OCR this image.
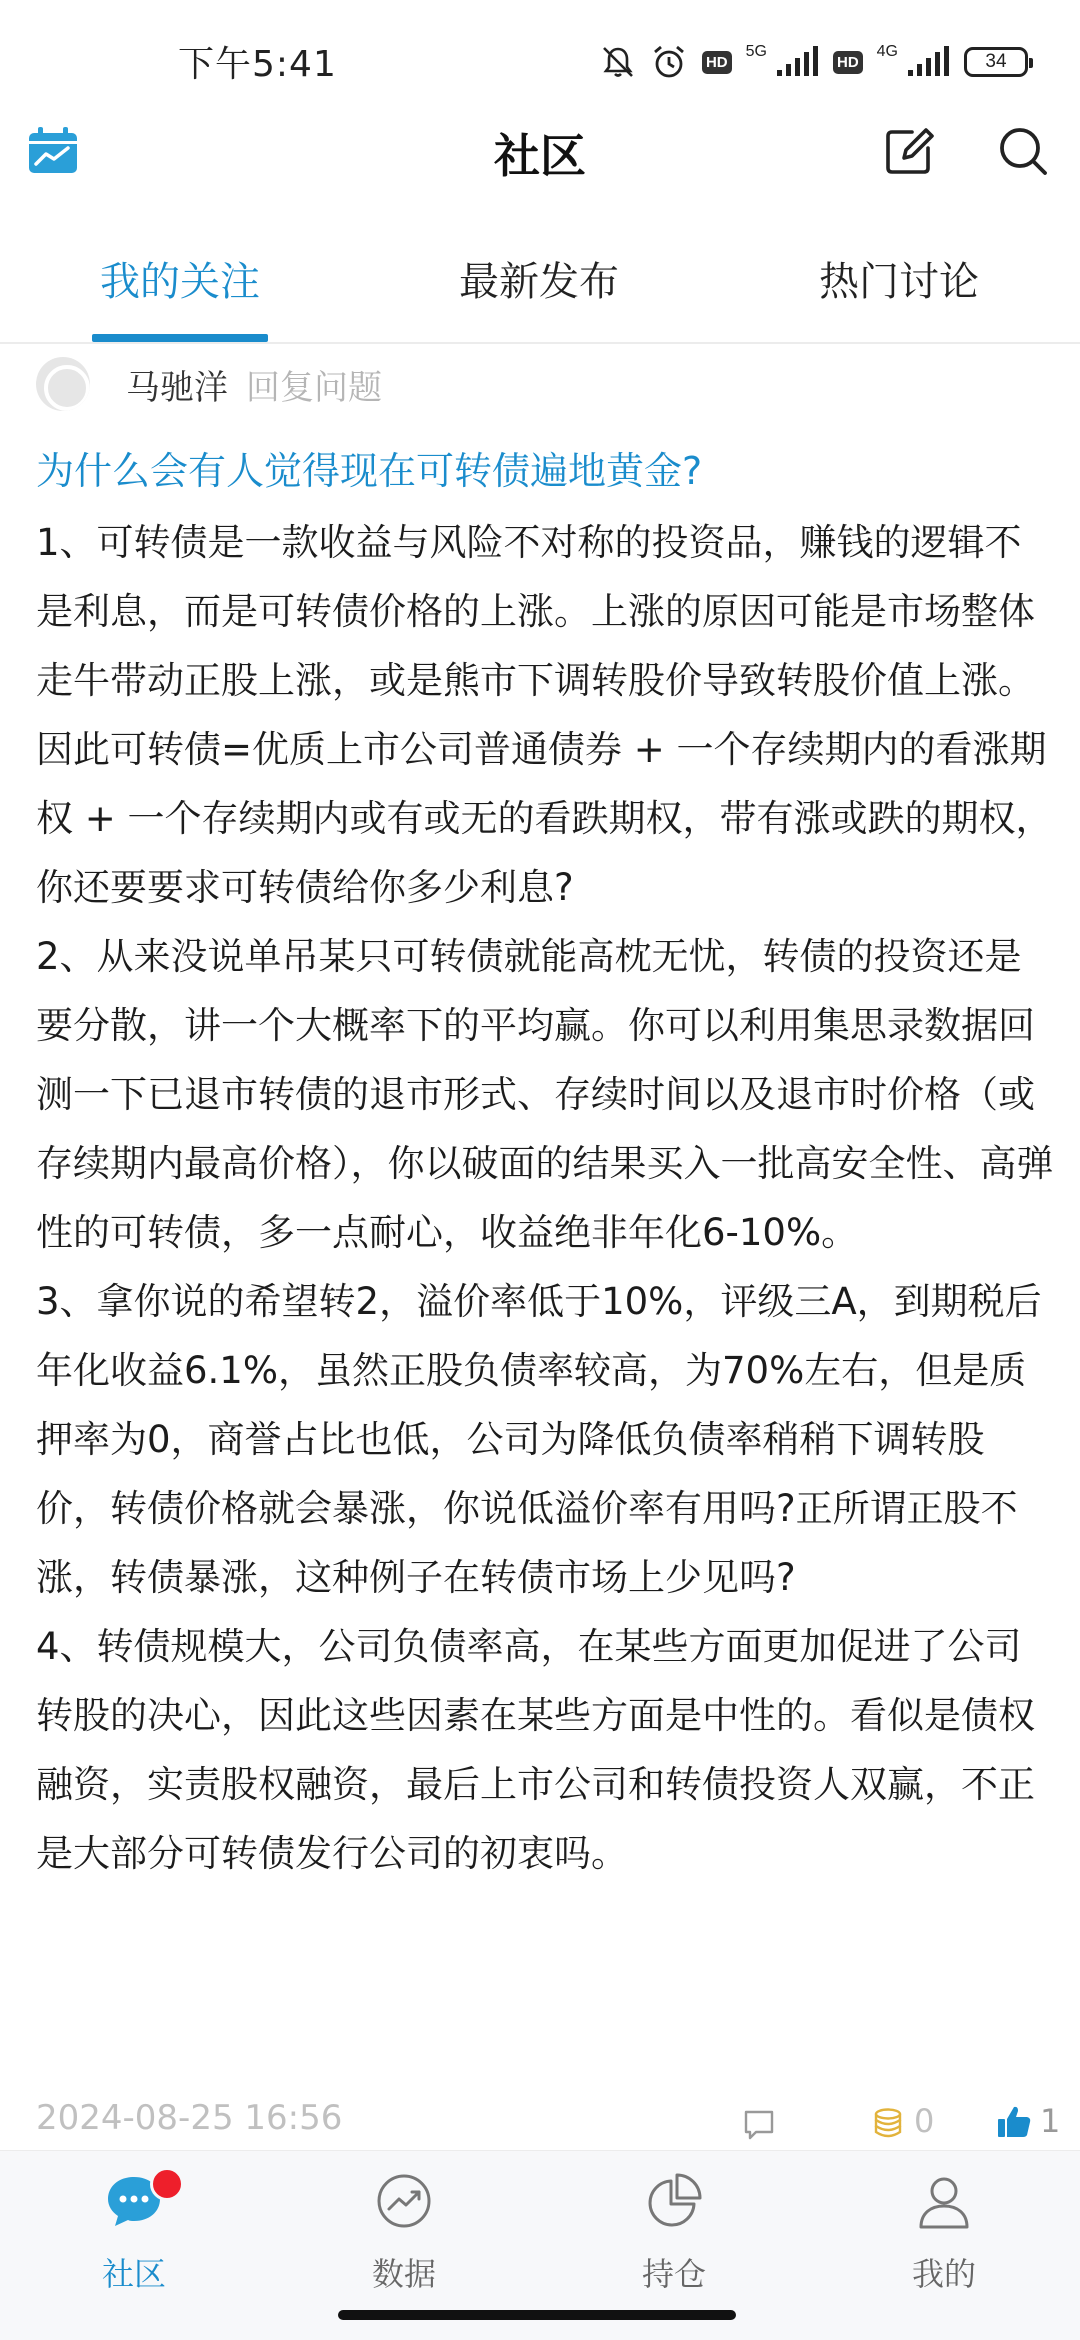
下午5:41	HD
5G
HD
4G	34
社区
我的关注	最新发布	热门讨论
马驰洋 回复问题
为什么会有人觉得现在可转债遍地黄金?

1、可转债是一款收益与风险不对称的投资品，赚钱的逻辑不是利息，而是可转债价格的上涨。上涨的原因可能是市场整体走牛带动正股上涨，或是熊市下调转股价导致转股价值上涨。因此可转债=优质上市公司普通债券 + 一个存续期内的看涨期权 + 一个存续期内或有或无的看跌期权，带有涨或跌的期权，你还要要求可转债给你多少利息?

2、从来没说单吊某只可转债就能高枕无忧，转债的投资还是要分散，讲一个大概率下的平均赢。你可以利用集思录数据回测一下已退市转债的退市形式、存续时间以及退市时价格（或存续期内最高价格），你以破面的结果买入一批高安全性、高弹性的可转债，多一点耐心，收益绝非年化6-10%。

3、拿你说的希望转2，溢价率低于10%，评级三A，到期税后年化收益6.1%，虽然正股负债率较高，为70%左右，但是质押率为0，商誉占比也低，公司为降低负债率稍稍下调转股价，转债价格就会暴涨，你说低溢价率有用吗?正所谓正股不涨，转债暴涨，这种例子在转债市场上少见吗?

4、转债规模大，公司负债率高，在某些方面更加促进了公司转股的决心，因此这些因素在某些方面是中性的。看似是债权融资，实责股权融资，最后上市公司和转债投资人双赢，不正是大部分可转债发行公司的初衷吗。

2024-08-25 16:56	0	1
社区	数据	持仓	我的
